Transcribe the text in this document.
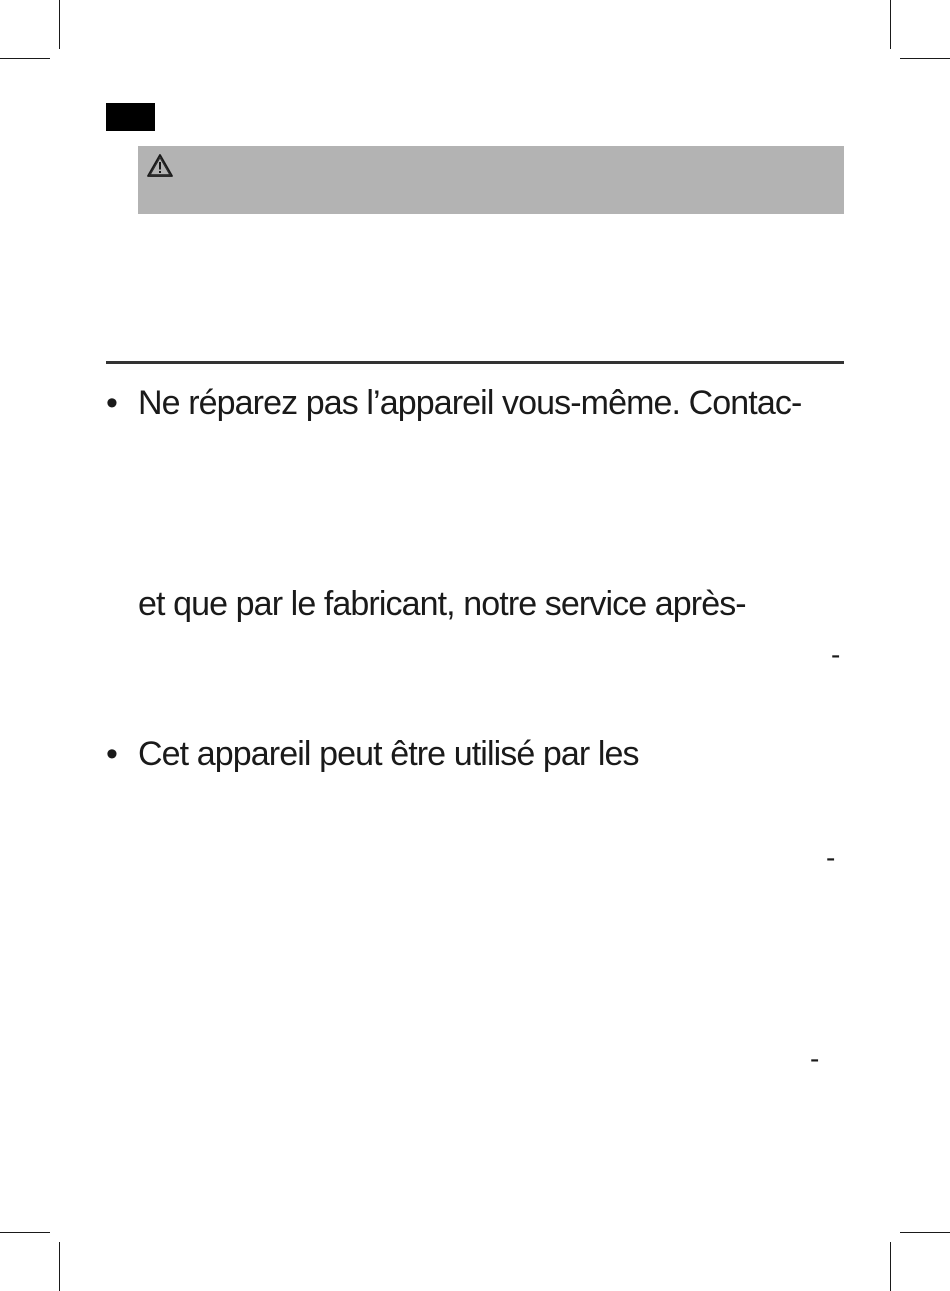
• Ne réparez pas l’appareil vous-même. Contac-
et que par le fabricant, notre service après-
-
• Cet appareil peut être utilisé par les
-
-
